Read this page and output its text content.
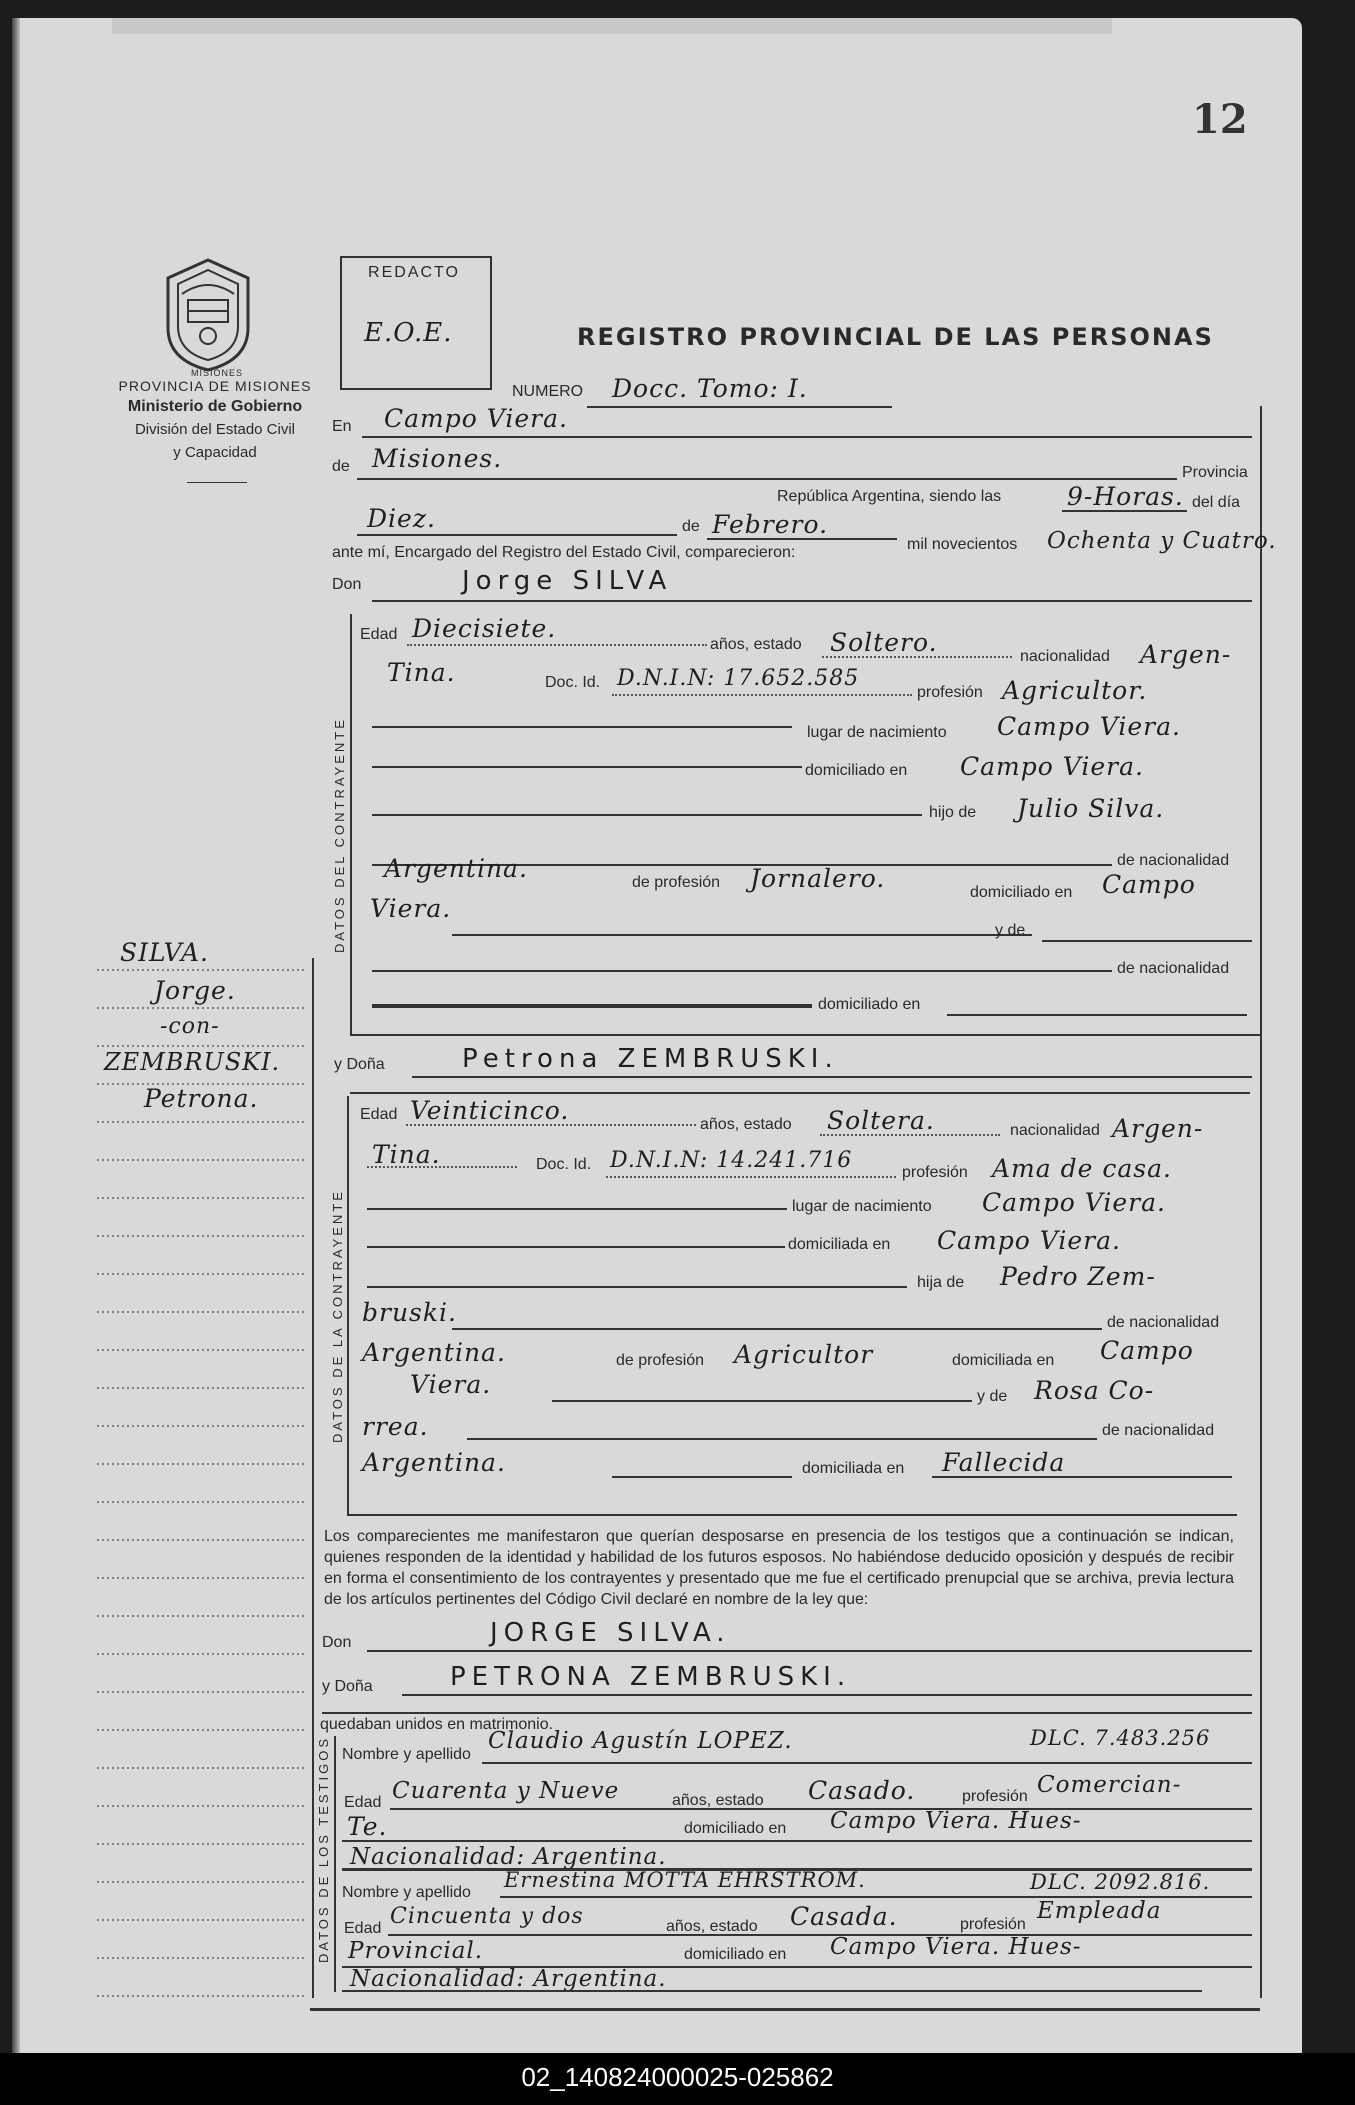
12
MISIONES
PROVINCIA DE MISIONES
Ministerio de Gobierno
División del Estado Civil
y Capacidad
REDACTO
E.O.E.	REGISTRO PROVINCIAL DE LAS PERSONAS
NUMERO Docc. Tomo: I.
En Campo Viera.
de Misiones.	Provincia
República Argentina, siendo las	9-Horas. del día
Diez.	de Febrero.
mil novecientos Ochenta y Cuatro.
ante mí, Encargado del Registro del Estado Civil, comparecieron:
Don	Jorge SILVA
DATOS DEL CONTRAYENTE
Edad Diecisiete.
años, estado Soltero.	nacionalidad Argen-
Tina.	Doc. Id. D.N.I.N: 17.652.585
profesión Agricultor.
lugar de nacimiento Campo Viera.
domiciliado en Campo Viera.
hijo de Julio Silva.
de nacionalidad
Argentina.	de profesión Jornalero.	domiciliado en Campo
Viera.
y de
de nacionalidad
domiciliado en
SILVA.
Jorge.
-con-
ZEMBRUSKI.
Petrona.
y Doña	Petrona ZEMBRUSKI.
DATOS DE LA CONTRAYENTE
Edad Veinticinco.	años, estado Soltera.	nacionalidad Argen-
Tina.	Doc. Id. D.N.I.N: 14.241.716	profesión Ama de casa.
lugar de nacimiento Campo Viera.
domiciliada en Campo Viera.
hija de Pedro Zem-
bruski.	de nacionalidad
Argentina.	de profesión Agricultor	domiciliada en Campo
Viera.	y de Rosa Co-
rrea.	de nacionalidad
Argentina.	domiciliada en Fallecida
Los comparecientes me manifestaron que querían desposarse en presencia de los testigos que a continuación se indican, quienes responden de la identidad y habilidad de los futuros esposos. No habiéndose deducido oposición y después de recibir en forma el consentimiento de los contrayentes y presentado que me fue el certificado prenupcial que se archiva, previa lectura de los artículos pertinentes del Código Civil declaré en nombre de la ley que:
Don	JORGE SILVA.
y Doña	PETRONA ZEMBRUSKI.
quedaban unidos en matrimonio.
DATOS DE LOS TESTIGOS Nombre y apellido
Claudio Agustín LOPEZ.	DLC. 7.483.256
Edad Cuarenta y Nueve	años, estado Casado.	profesión Comercian-
Te.	domiciliado en Campo Viera. Hues-
Nacionalidad: Argentina.
Nombre y apellido
Ernestina MOTTA EHRSTROM.	DLC. 2092.816.
Edad Cincuenta y dos	años, estado Casada.	profesión
Empleada
Provincial.	domiciliado en Campo Viera. Hues-
Nacionalidad: Argentina.
02_140824000025-025862
